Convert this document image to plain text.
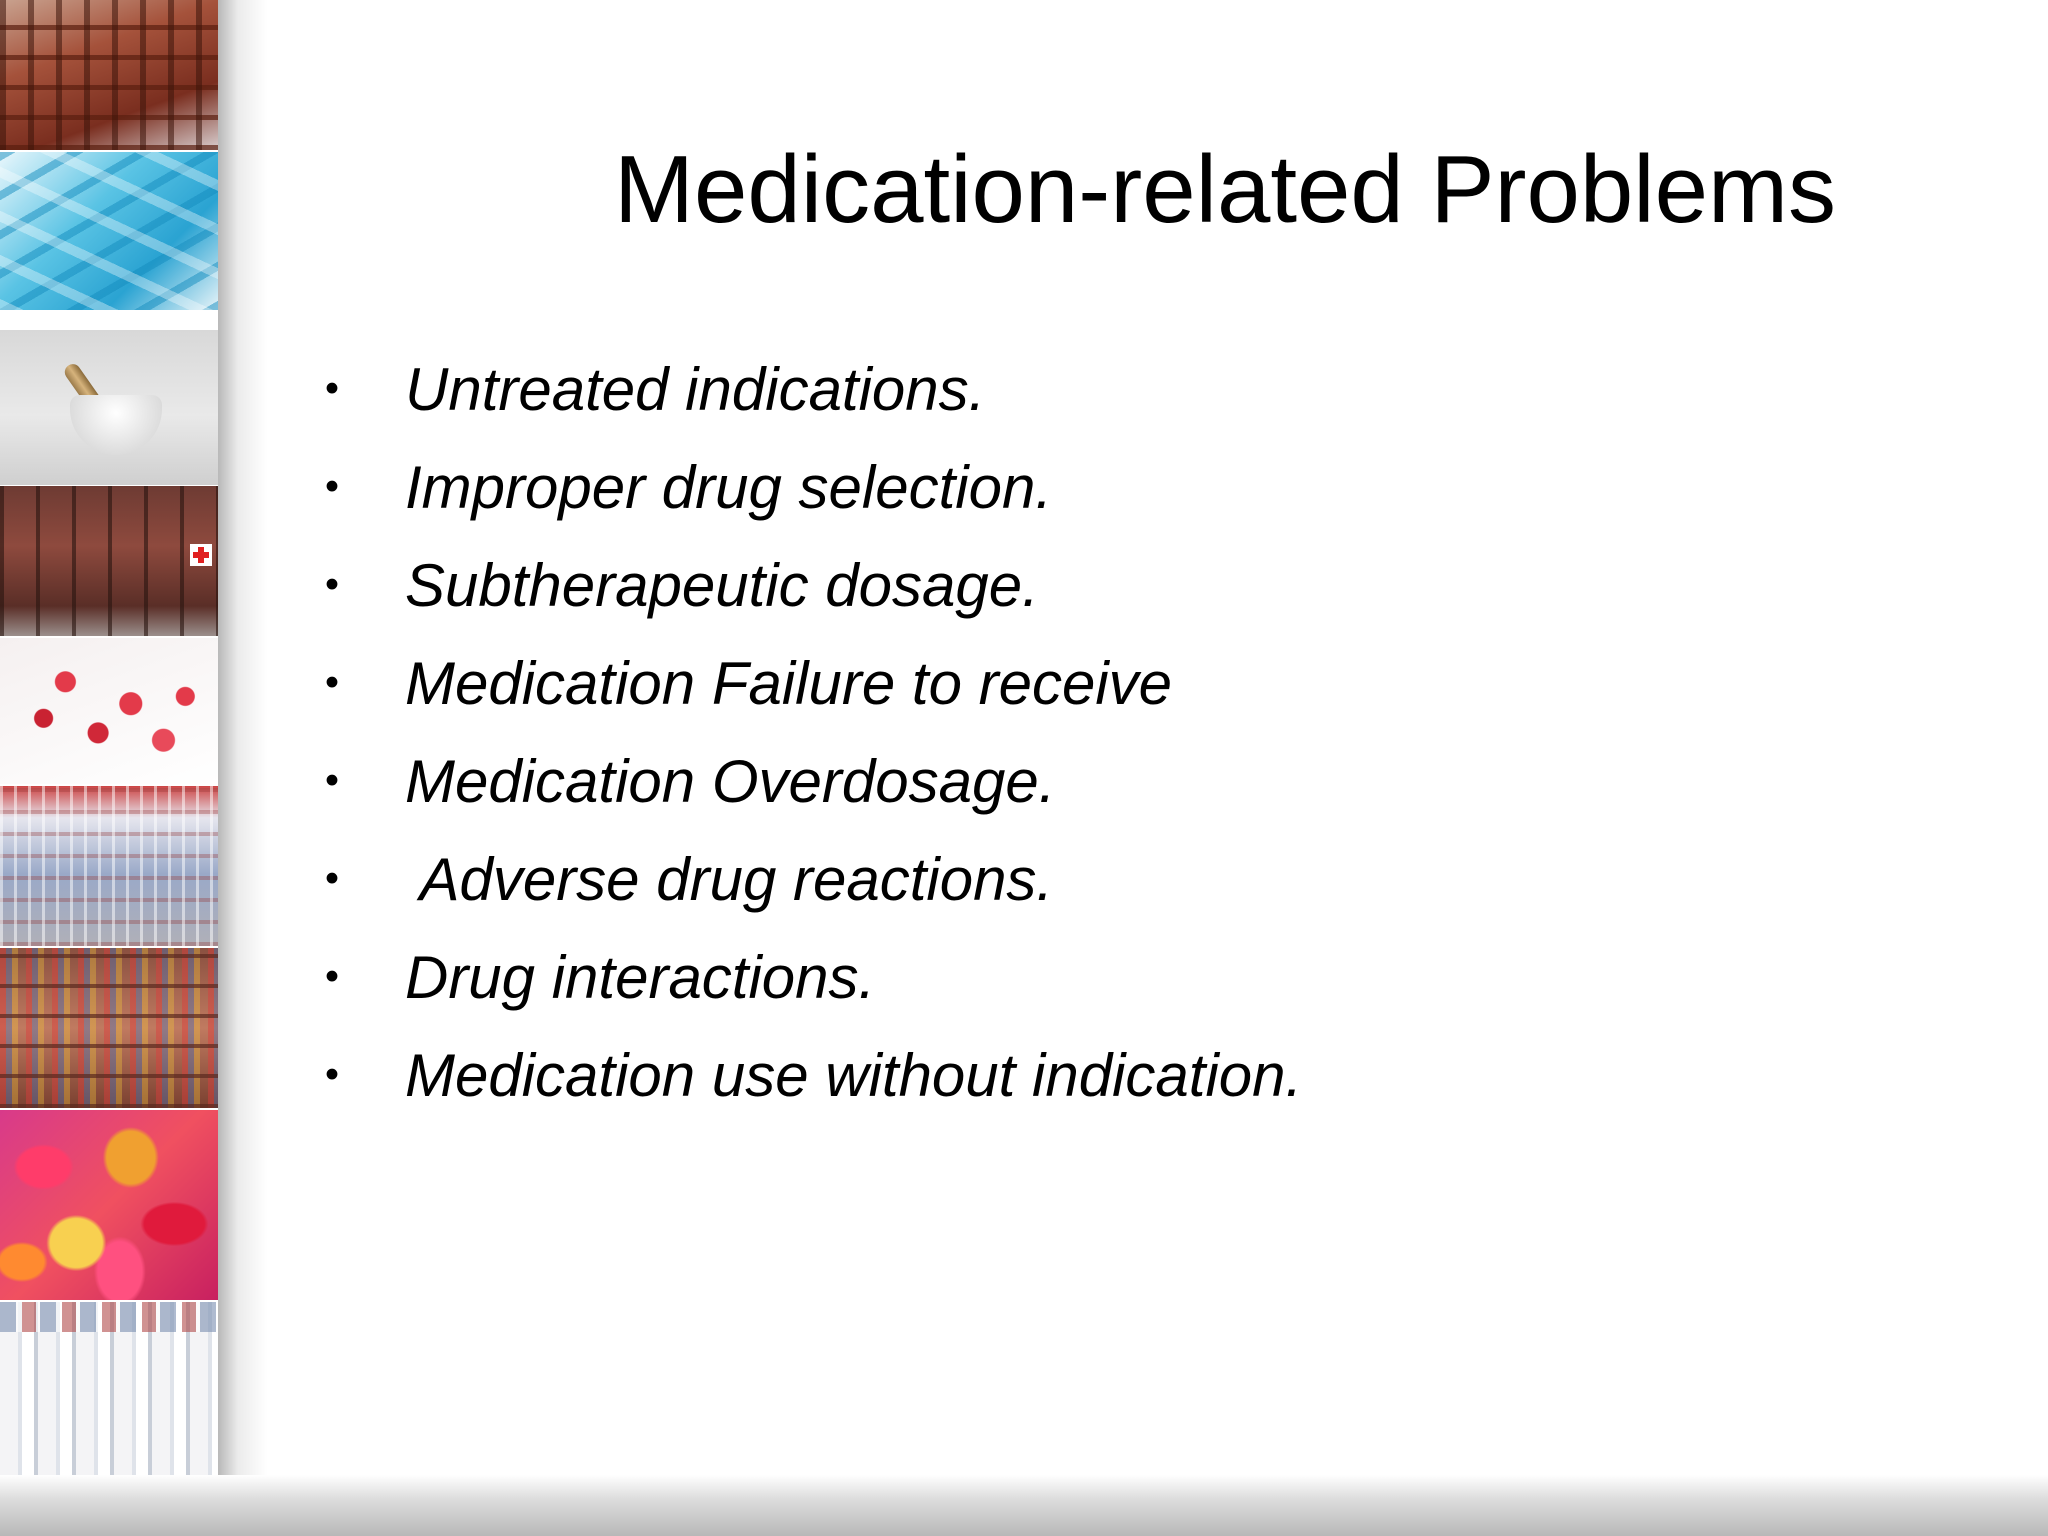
Medication-related Problems
• Untreated indications.
• Improper drug selection.
• Subtherapeutic dosage.
• Medication Failure to receive
• Medication Overdosage.
• Adverse drug reactions.
• Drug interactions.
• Medication use without indication.
